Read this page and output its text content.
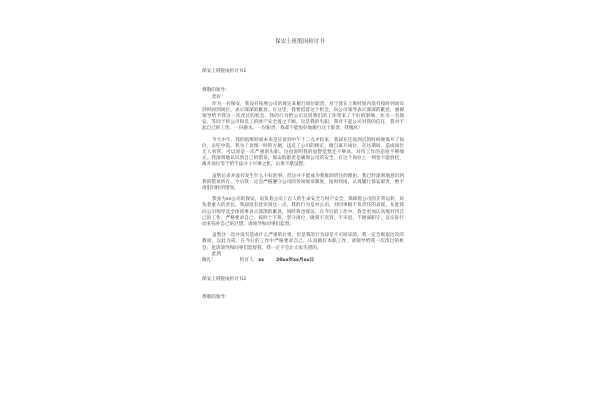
保安上班脱岗检讨书
保安上班脱岗检讨书1
尊敬的领导：

您好！

作为一名保安，我没有按照公司的规定来履行岗位职责，对于我在上班时间内没有按时到岗及到时回到岗位，表示深深的歉意。在这里，我要借着这个机会，向公司领导表示深深的歉意，感谢领导给予我这一次改过的机会。我的行为给公司及同事们的工作带来了不好的影响，作为一名保安，等同于将公司和员工的财产安全置之不顾，这是我的失职，我对不起公司对我的信任，我对不起自己的工作，一份薪水，一份职责，我却不能很好地履行这个职责，我愧疚！

今天中午，我的值班时间本来是应该到中午十二点才结束，我却在还没到点的时候便离开了岗位，去吃中饭。我为了贪图一时的方便，违反了公司的规定，擅自离开岗位，在这期间，造成岗位无人看管，可以说是一次严重的失职。这也说明我的思想觉悟还不够高，对待工作的态度不够端正。我深刻地认识到自己的错误，保安的职责是确保公司的安全，在这个岗位上一刻也不能放松，离开岗位等于给不法分子可乘之机，后果不堪设想。

虽然后来并没有发生什么不好的事，但这并不能成为我推卸责任的理由，我已经深刻地意识到我的错误所在，今后我一定会严格遵守公司的各项规章制度，按时到岗，认真履行保安职责，绝不再犯同样的错误。

我身为xx公司的保安，肩负着公司上百人的生命安全与财产安全，保障着公司的正常运转，肩负着重大的责任，我却没有意识到这一点，我的行为是对公司、对同事极不负责任的表现。在此我向公司领导及全体同事表示深深的歉意，同时我也保证，在今后的工作中，我会更加认真地对待自己的工作，严格要求自己，按时上下班，坚守岗位，做到不迟到、不早退、不擅离职守，以实际行动来弥补自己的过错，请领导和同事们监督。

虽然这一次并没有造成什么严重的后果，但是我的行为却是不可原谅的，我一定会吸取这次的教训，以此为戒，在今后的工作中严格要求自己，认真做好本职工作，请领导给我一次改过的机会，也请领导和同事们监督我，我一定不会让大家失望的。

此致

敬礼！	检讨人： xx	20xx年xx月xx日
保安上班脱岗检讨书2
尊敬的领导：
